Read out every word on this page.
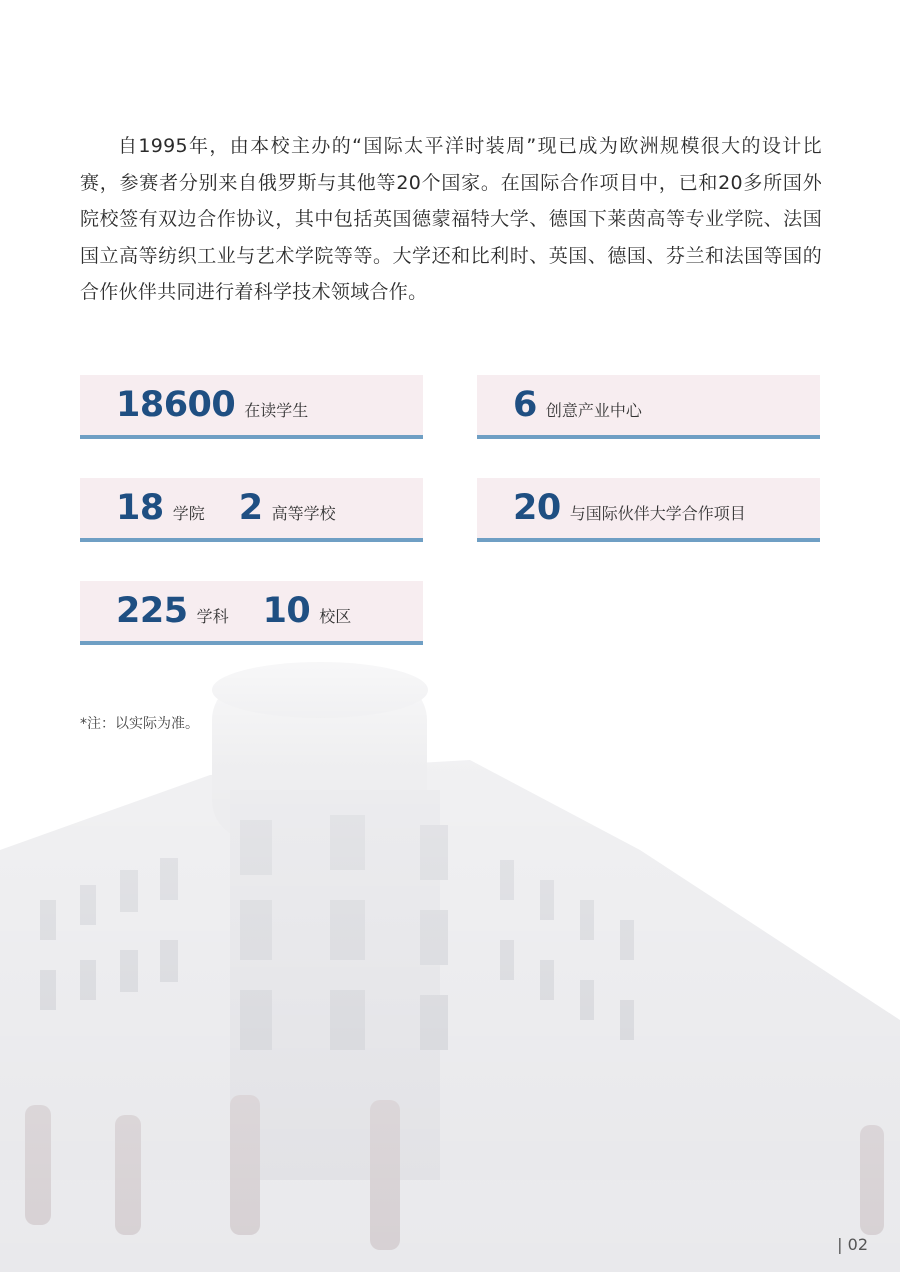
自1995年，由本校主办的“国际太平洋时装周”现已成为欧洲规模很大的设计比赛，参赛者分别来自俄罗斯与其他等20个国家。在国际合作项目中，已和20多所国外院校签有双边合作协议，其中包括英国德蒙福特大学、德国下莱茵高等专业学院、法国国立高等纺织工业与艺术学院等等。大学还和比利时、英国、德国、芬兰和法国等国的合作伙伴共同进行着科学技术领域合作。

18600 在读学生	6 创意产业中心
18 学院 2 高等学校	20 与国际伙伴大学合作项目
225 学科 10 校区
*注：以实际为准。
| 02
